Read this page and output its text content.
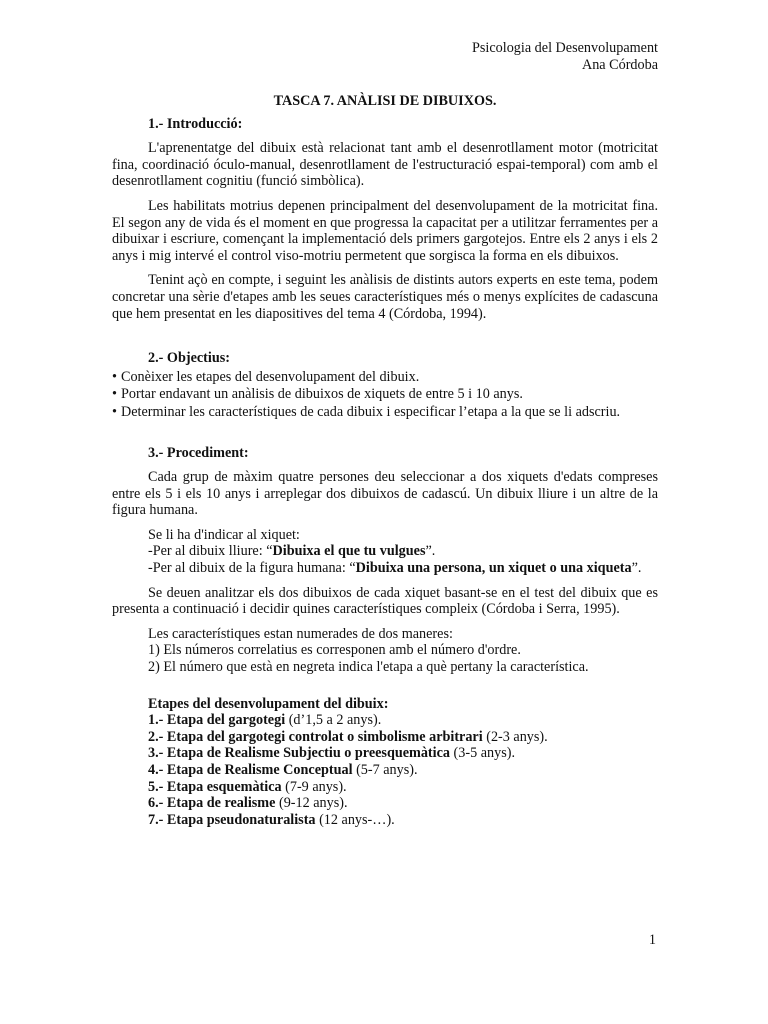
Psicologia del Desenvolupament
Ana Córdoba
TASCA 7. ANÀLISI DE DIBUIXOS.
1.- Introducció:

L'aprenentatge del dibuix està relacionat tant amb el desenrotllament motor (motricitat fina, coordinació óculo-manual, desenrotllament de l'estructuració espai-temporal) com amb el desenrotllament cognitiu (funció simbòlica).

Les habilitats motrius depenen principalment del desenvolupament de la motricitat fina. El segon any de vida és el moment en que progressa la capacitat per a utilitzar ferramentes per a dibuixar i escriure, començant la implementació dels primers gargotejos. Entre els 2 anys i els 2 anys i mig intervé el control viso-motriu permetent que sorgisca la forma en els dibuixos.

Tenint açò en compte, i seguint les anàlisis de distints autors experts en este tema, podem concretar una sèrie d'etapes amb les seues característiques més o menys explícites de cadascuna que hem presentat en les diapositives del tema 4 (Córdoba, 1994).

2.- Objectius:
• Conèixer les etapes del desenvolupament del dibuix.
• Portar endavant un anàlisis de dibuixos de xiquets de entre 5 i 10 anys.
• Determinar les característiques de cada dibuix i especificar l’etapa a la que se li adscriu.
3.- Procediment:

Cada grup de màxim quatre persones deu seleccionar a dos xiquets d'edats compreses entre els 5 i els 10 anys i arreplegar dos dibuixos de cadascú. Un dibuix lliure i un altre de la figura humana.

Se li ha d'indicar al xiquet:
-Per al dibuix lliure: “Dibuixa el que tu vulgues”.
-Per al dibuix de la figura humana: “Dibuixa una persona, un xiquet o una xiqueta”.

Se deuen analitzar els dos dibuixos de cada xiquet basant-se en el test del dibuix que es presenta a continuació i decidir quines característiques compleix (Córdoba i Serra, 1995).

Les característiques estan numerades de dos maneres:
1) Els números correlatius es corresponen amb el número d'ordre.
2) El número que està en negreta indica l'etapa a què pertany la característica.
Etapes del desenvolupament del dibuix:
1.- Etapa del gargotegi (d’1,5 a 2 anys).
2.- Etapa del gargotegi controlat o simbolisme arbitrari (2-3 anys).
3.- Etapa de Realisme Subjectiu o preesquemàtica (3-5 anys).
4.- Etapa de Realisme Conceptual (5-7 anys).
5.- Etapa esquemàtica (7-9 anys).
6.- Etapa de realisme (9-12 anys).
7.- Etapa pseudonaturalista (12 anys-…).
1
